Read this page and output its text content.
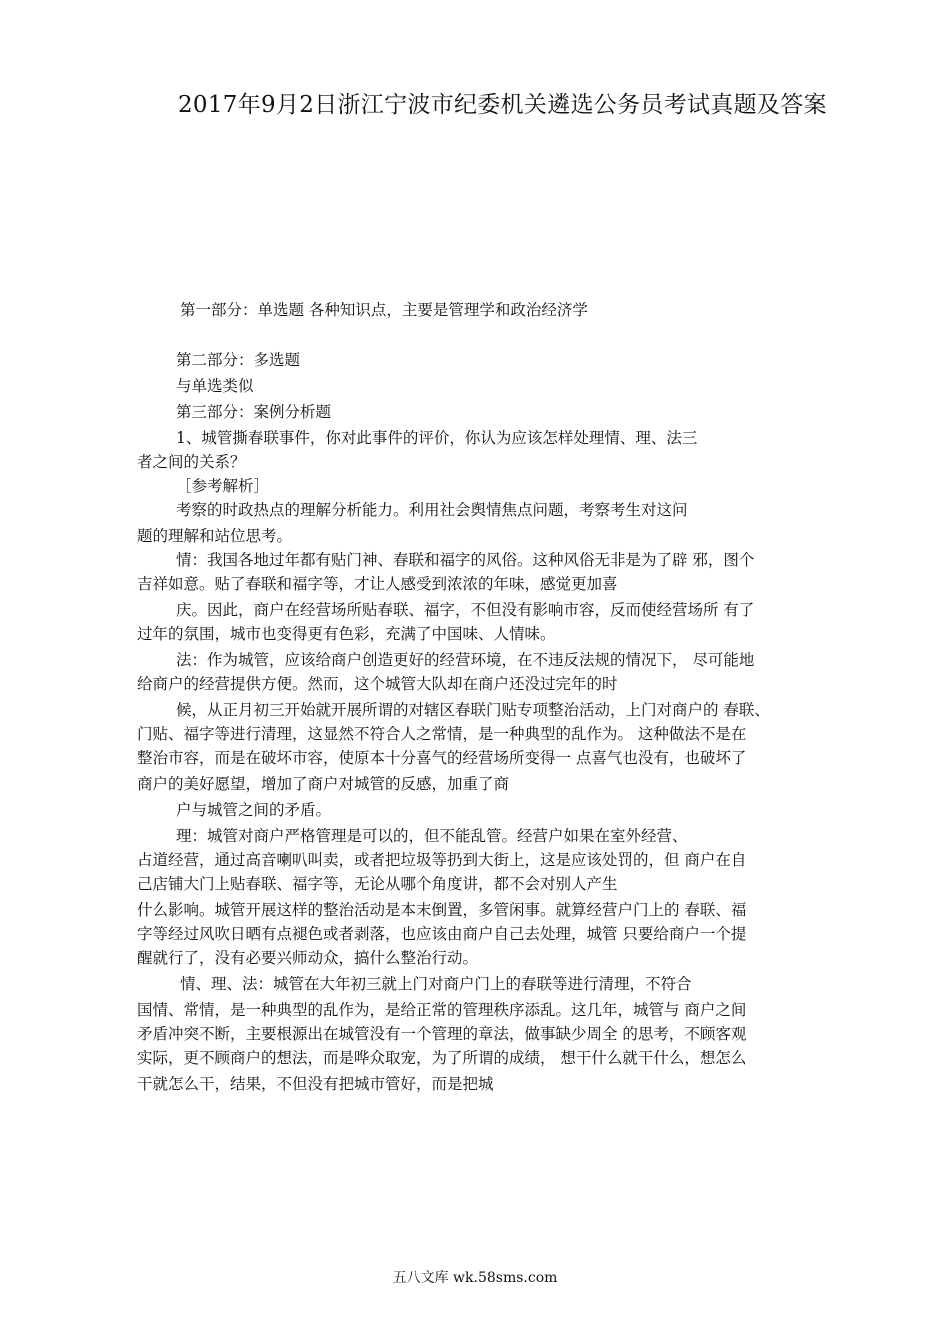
2017年9月2日浙江宁波市纪委机关遴选公务员考试真题及答案
第一部分：单选题 各种知识点，主要是管理学和政治经济学
第二部分：多选题
与单选类似
第三部分：案例分析题
1、城管撕春联事件，你对此事件的评价，你认为应该怎样处理情、理、法三
者之间的关系？
［参考解析］
考察的时政热点的理解分析能力。利用社会舆情焦点问题，考察考生对这问
题的理解和站位思考。
情：我国各地过年都有贴门神、春联和福字的风俗。这种风俗无非是为了辟 邪，图个
吉祥如意。贴了春联和福字等，才让人感受到浓浓的年味，感觉更加喜
庆。因此，商户在经营场所贴春联、福字，不但没有影响市容，反而使经营场所 有了
过年的氛围，城市也变得更有色彩，充满了中国味、人情味。
法：作为城管，应该给商户创造更好的经营环境，在不违反法规的情况下， 尽可能地
给商户的经营提供方便。然而，这个城管大队却在商户还没过完年的时
候，从正月初三开始就开展所谓的对辖区春联门贴专项整治活动，上门对商户的 春联、
门贴、福字等进行清理，这显然不符合人之常情，是一种典型的乱作为。 这种做法不是在
整治市容，而是在破坏市容，使原本十分喜气的经营场所变得一 点喜气也没有，也破坏了
商户的美好愿望，增加了商户对城管的反感，加重了商
户与城管之间的矛盾。
理：城管对商户严格管理是可以的，但不能乱管。经营户如果在室外经营、
占道经营，通过高音喇叭叫卖，或者把垃圾等扔到大街上，这是应该处罚的，但 商户在自
己店铺大门上贴春联、福字等，无论从哪个角度讲，都不会对别人产生
什么影响。城管开展这样的整治活动是本末倒置，多管闲事。就算经营户门上的 春联、福
字等经过风吹日晒有点褪色或者剥落，也应该由商户自己去处理，城管 只要给商户一个提
醒就行了，没有必要兴师动众，搞什么整治行动。
情、理、法：城管在大年初三就上门对商户门上的春联等进行清理，不符合
国情、常情，是一种典型的乱作为，是给正常的管理秩序添乱。这几年，城管与 商户之间
矛盾冲突不断，主要根源出在城管没有一个管理的章法，做事缺少周全 的思考，不顾客观
实际，更不顾商户的想法，而是哗众取宠，为了所谓的成绩， 想干什么就干什么，想怎么
干就怎么干，结果，不但没有把城市管好，而是把城
五八文库 wk.58sms.com
